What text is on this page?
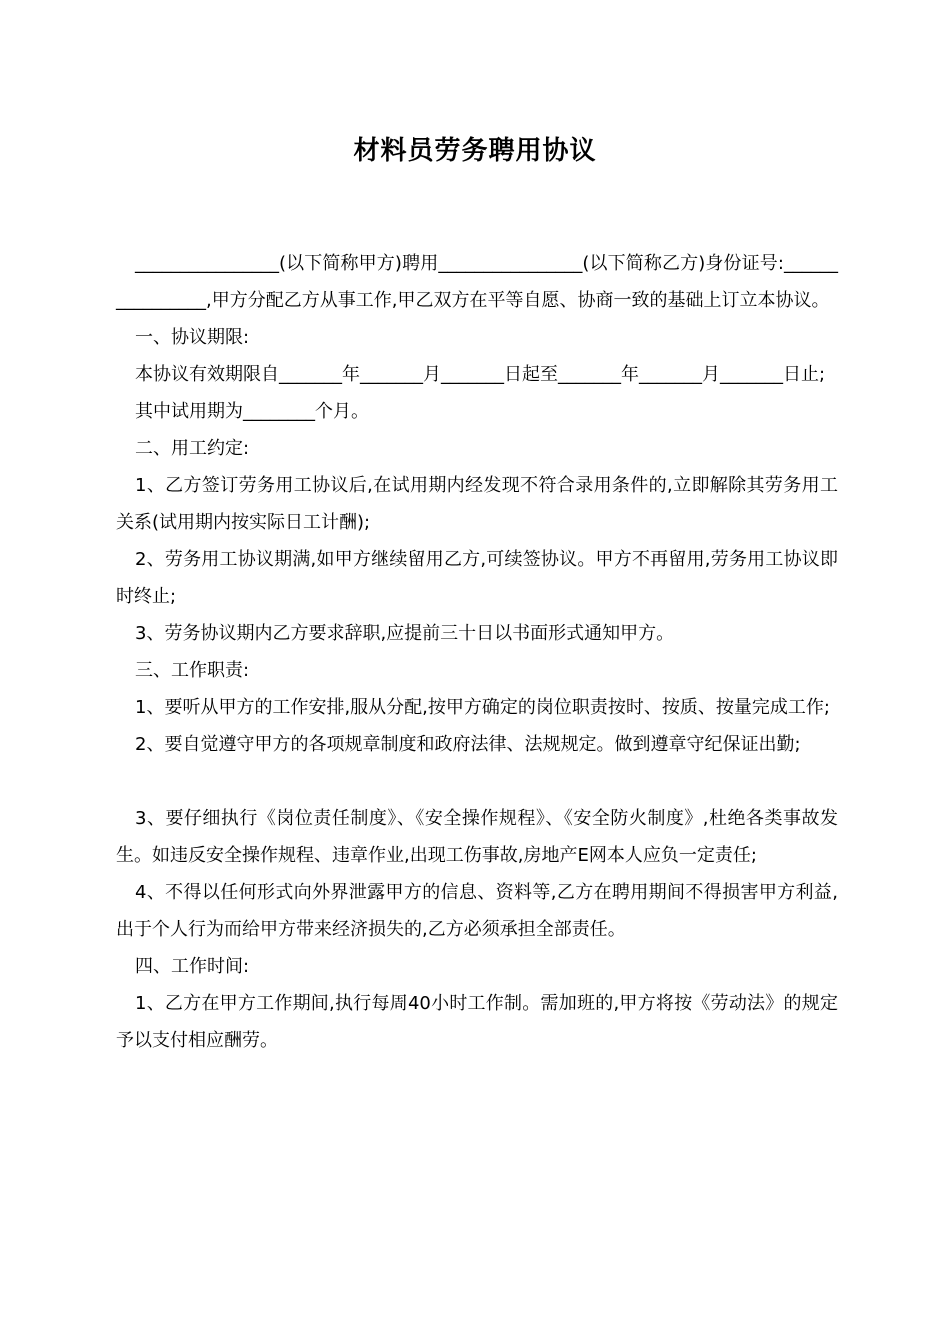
材料员劳务聘用协议

________________(以下简称甲方)聘用________________(以下简称乙方)身份证号:________________,甲方分配乙方从事工作,甲乙双方在平等自愿、协商一致的基础上订立本协议。

一、协议期限:

本协议有效期限自_______年_______月_______日起至_______年_______月_______日止;

其中试用期为________个月。

二、用工约定:

1、乙方签订劳务用工协议后,在试用期内经发现不符合录用条件的,立即解除其劳务用工关系(试用期内按实际日工计酬);

2、劳务用工协议期满,如甲方继续留用乙方,可续签协议。甲方不再留用,劳务用工协议即时终止;

3、劳务协议期内乙方要求辞职,应提前三十日以书面形式通知甲方。

三、工作职责:

1、要听从甲方的工作安排,服从分配,按甲方确定的岗位职责按时、按质、按量完成工作;

2、要自觉遵守甲方的各项规章制度和政府法律、法规规定。做到遵章守纪保证出勤;

3、要仔细执行《岗位责任制度》、《安全操作规程》、《安全防火制度》,杜绝各类事故发生。如违反安全操作规程、违章作业,出现工伤事故,房地产E网本人应负一定责任;

4、不得以任何形式向外界泄露甲方的信息、资料等,乙方在聘用期间不得损害甲方利益,出于个人行为而给甲方带来经济损失的,乙方必须承担全部责任。

四、工作时间:

1、乙方在甲方工作期间,执行每周40小时工作制。需加班的,甲方将按《劳动法》的规定予以支付相应酬劳。
